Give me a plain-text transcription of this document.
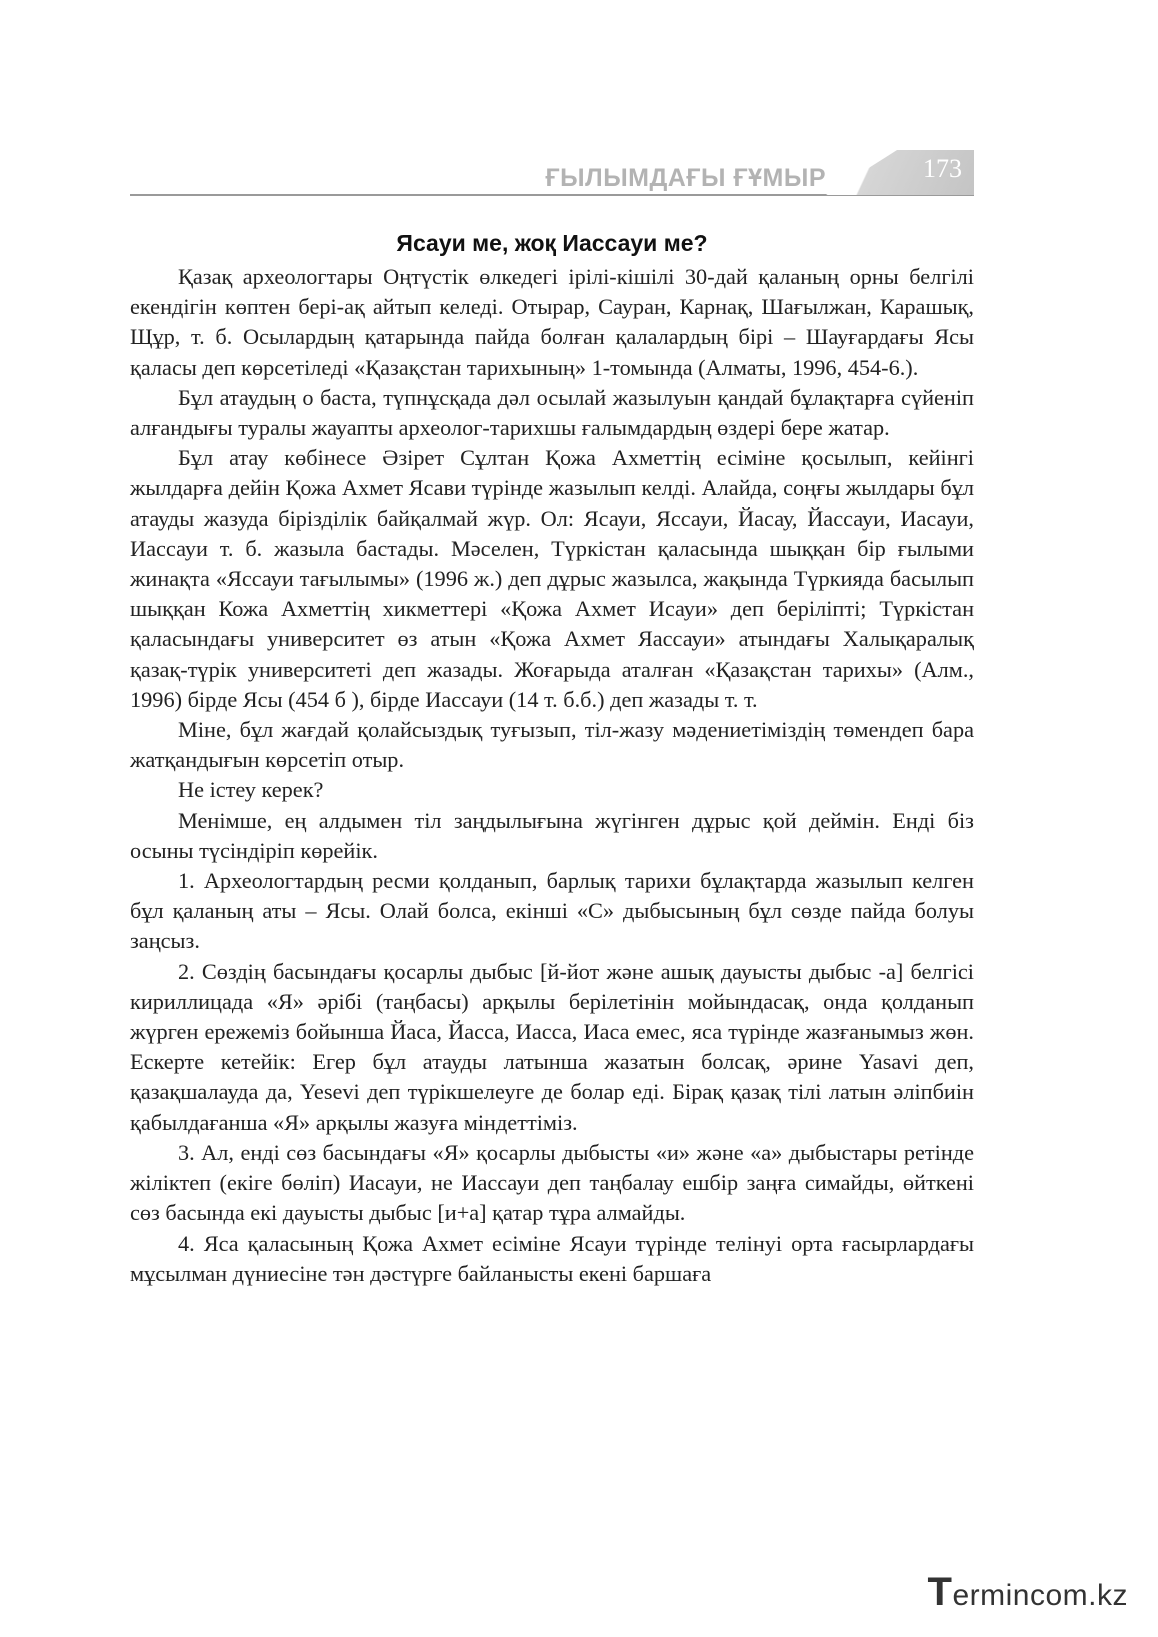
ҒЫЛЫМДАҒЫ ҒҰМЫР	173
Ясауи ме, жоқ Иассауи ме?

Қазақ археологтары Оңтүстік өлкедегі ірілі-кішілі 30-дай қаланың орны белгілі екендігін көптен бері-ақ айтып келеді. Отырар, Сауран, Карнақ, Шағылжан, Карашық, Щұр, т. б. Осылардың қатарында пайда болған қалалардың бірі – Шауғардағы Ясы қаласы деп көрсетіледі «Қазақстан тарихының» 1-томында (Алматы, 1996, 454-6.).

Бұл атаудың о баста, түпнұсқада дәл осылай жазылуын қандай бұлақтарға сүйеніп алғандығы туралы жауапты археолог-тарихшы ғалымдардың өздері бере жатар.

Бұл атау көбінесе Әзірет Сұлтан Қожа Ахметтің есіміне қосылып, кейінгі жылдарға дейін Қожа Ахмет Ясави түрінде жазылып келді. Алайда, соңғы жылдары бұл атауды жазуда бірізділік байқалмай жүр. Ол: Ясауи, Яссауи, Йасау, Йассауи, Иасауи, Иассауи т. б. жазыла бастады. Мәселен, Түркістан қаласында шыққан бір ғылыми жинақта «Яссауи тағылымы» (1996 ж.) деп дұрыс жазылса, жақында Түркияда басылып шыққан Кожа Ахметтің хикметтері «Қожа Ахмет Исауи» деп беріліпті; Түркістан қаласындағы университет өз атын «Қожа Ахмет Яассауи» атындағы Халықаралық қазақ-түрік университеті деп жазады. Жоғарыда аталған «Қазақстан тарихы» (Алм., 1996) бірде Ясы (454 б ), бірде Иассауи (14 т. б.б.) деп жазады т. т.

Міне, бұл жағдай қолайсыздық туғызып, тіл-жазу мәдениетіміздің төмендеп бара жатқандығын көрсетіп отыр.

Не істеу керек?

Менімше, ең алдымен тіл заңдылығына жүгінген дұрыс қой деймін. Енді біз осыны түсіндіріп көрейік.

1. Археологтардың ресми қолданып, барлық тарихи бұлақтарда жазылып келген бұл қаланың аты – Ясы. Олай болса, екінші «С» дыбысының бұл сөзде пайда болуы заңсыз.

2. Сөздің басындағы қосарлы дыбыс [й-йот және ашық дауысты дыбыс -а] белгісі кириллицада «Я» әрібі (таңбасы) арқылы берілетінін мойындасақ, онда қолданып жүрген ережеміз бойынша Йаса, Йасса, Иасса, Иаса емес, яса түрінде жазғанымыз жөн. Ескерте кетейік: Егер бұл атауды латынша жазатын болсақ, әрине Yasavi деп, қазақшалауда да, Yesevi деп түрікшелеуге де болар еді. Бірақ қазақ тілі латын әліпбиін қабылдағанша «Я» арқылы жазуға міндеттіміз.

3. Ал, енді сөз басындағы «Я» қосарлы дыбысты «и» және «а» дыбыстары ретінде жіліктеп (екіге бөліп) Иасауи, не Иассауи деп таңбалау ешбір заңға симайды, өйткені сөз басында екі дауысты дыбыс [и+а] қатар тұра алмайды.

4. Яса қаласының Қожа Ахмет есіміне Ясауи түрінде телінуі орта ғасырлардағы мұсылман дүниесіне тән дәстүрге байланысты екені баршаға

Termincom.kz
